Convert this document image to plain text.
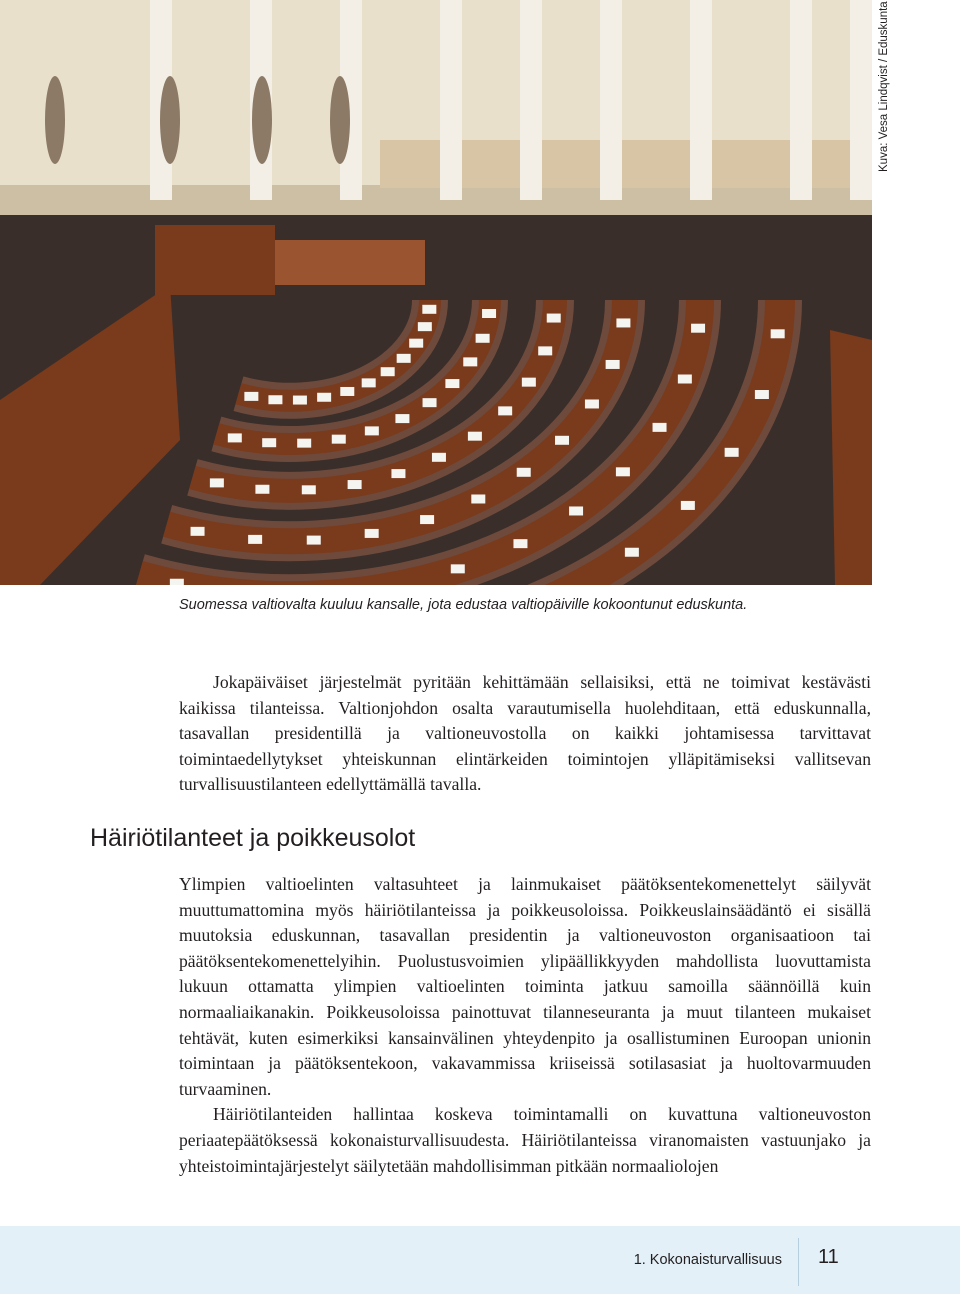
Kuva: Vesa Lindqvist / Eduskunta
Suomessa valtiovalta kuuluu kansalle, jota edustaa valtiopäiville kokoontunut eduskunta.

Jokapäiväiset järjestelmät pyritään kehittämään sellaisiksi, että ne toimivat kestävästi kaikissa tilanteissa. Valtionjohdon osalta varautumisella huolehditaan, että eduskunnalla, tasavallan presidentillä ja valtioneuvostolla on kaikki johtamisessa tarvittavat toimintaedellytykset yhteiskunnan elintärkeiden toimintojen ylläpitämiseksi vallitsevan turvallisuustilanteen edellyttämällä tavalla.

Häiriötilanteet ja poikkeusolot

Ylimpien valtioelinten valtasuhteet ja lainmukaiset päätöksentekomenettelyt säilyvät muuttumattomina myös häiriötilanteissa ja poikkeusoloissa. Poikkeuslainsäädäntö ei sisällä muutoksia eduskunnan, tasavallan presidentin ja valtioneuvoston organisaatioon tai päätöksentekomenettelyihin. Puolustusvoimien ylipäällikkyyden mahdollista luovuttamista lukuun ottamatta ylimpien valtioelinten toiminta jatkuu samoilla säännöillä kuin normaaliaikanakin. Poikkeusoloissa painottuvat tilanneseuranta ja muut tilanteen mukaiset tehtävät, kuten esimerkiksi kansainvälinen yhteydenpito ja osallistuminen Euroopan unionin toimintaan ja päätöksentekoon, vakavammissa kriiseissä sotilasasiat ja huoltovarmuuden turvaaminen.

Häiriötilanteiden hallintaa koskeva toimintamalli on kuvattuna valtioneuvoston periaatepäätöksessä kokonaisturvallisuudesta. Häiriötilanteissa viranomaisten vastuunjako ja yhteistoimintajärjestelyt säilytetään mahdollisimman pitkään normaaliolojen

1. Kokonaisturvallisuus 11
